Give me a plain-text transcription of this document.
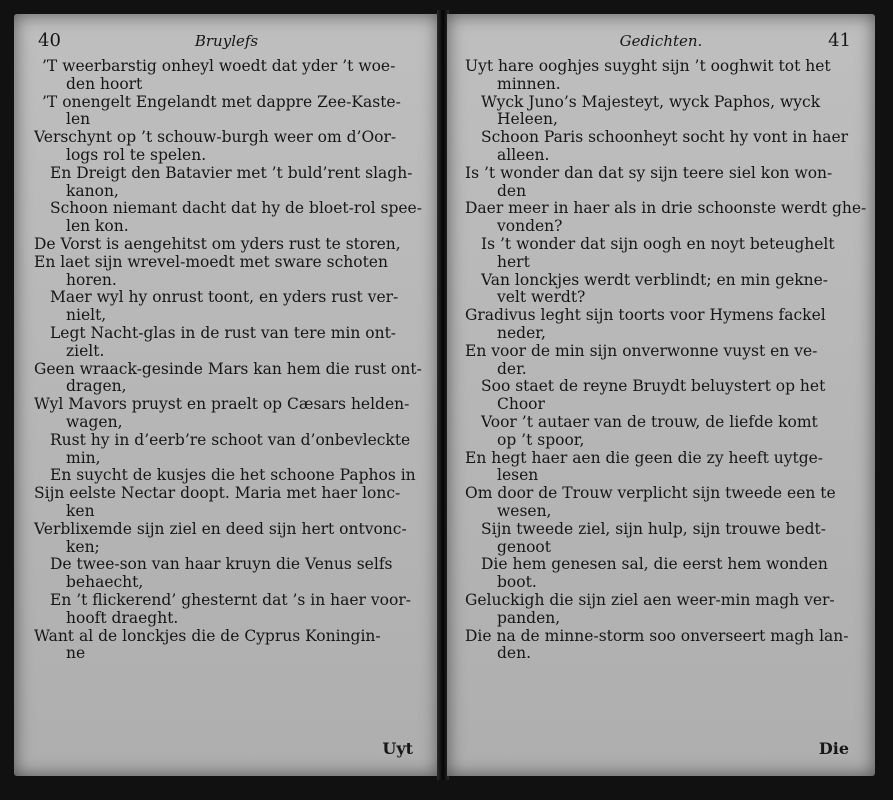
40	Bruylefs
’T weerbarstig onheyl woedt dat yder ’t woe-
den hoort
’T onengelt Engelandt met dappre Zee-Kaste-
len
Verschynt op ’t schouw-burgh weer om d’Oor-
logs rol te spelen.
En Dreigt den Batavier met ’t buld’rent slagh-
kanon,
Schoon niemant dacht dat hy de bloet-rol spee-
len kon.
De Vorst is aengehitst om yders rust te storen,
En laet sijn wrevel-moedt met sware schoten
horen.
Maer wyl hy onrust toont, en yders rust ver-
nielt,
Legt Nacht-glas in de rust van tere min ont-
zielt.
Geen wraack-gesinde Mars kan hem die rust ont-
dragen,
Wyl Mavors pruyst en praelt op Cæsars helden-
wagen,
Rust hy in d’eerb’re schoot van d’onbevleckte
min,
En suycht de kusjes die het schoone Paphos in
Sijn eelste Nectar doopt. Maria met haer lonc-
ken
Verblixemde sijn ziel en deed sijn hert ontvonc-
ken;
De twee-son van haar kruyn die Venus selfs
behaecht,
En ’t flickerend’ ghesternt dat ’s in haer voor-
hooft draeght.
Want al de lonckjes die de Cyprus Koningin-
ne
Uyt
Gedichten.	41
Uyt hare ooghjes suyght sijn ’t ooghwit tot het
minnen.
Wyck Juno’s Majesteyt, wyck Paphos, wyck
Heleen,
Schoon Paris schoonheyt socht hy vont in haer
alleen.
Is ’t wonder dan dat sy sijn teere siel kon won-
den
Daer meer in haer als in drie schoonste werdt ghe-
vonden?
Is ’t wonder dat sijn oogh en noyt beteughelt
hert
Van lonckjes werdt verblindt; en min gekne-
velt werdt?
Gradivus leght sijn toorts voor Hymens fackel
neder,
En voor de min sijn onverwonne vuyst en ve-
der.
Soo staet de reyne Bruydt beluystert op het
Choor
Voor ’t autaer van de trouw, de liefde komt
op ’t spoor,
En hegt haer aen die geen die zy heeft uytge-
lesen
Om door de Trouw verplicht sijn tweede een te
wesen,
Sijn tweede ziel, sijn hulp, sijn trouwe bedt-
genoot
Die hem genesen sal, die eerst hem wonden
boot.
Geluckigh die sijn ziel aen weer-min magh ver-
panden,
Die na de minne-storm soo onverseert magh lan-
den.
Die
